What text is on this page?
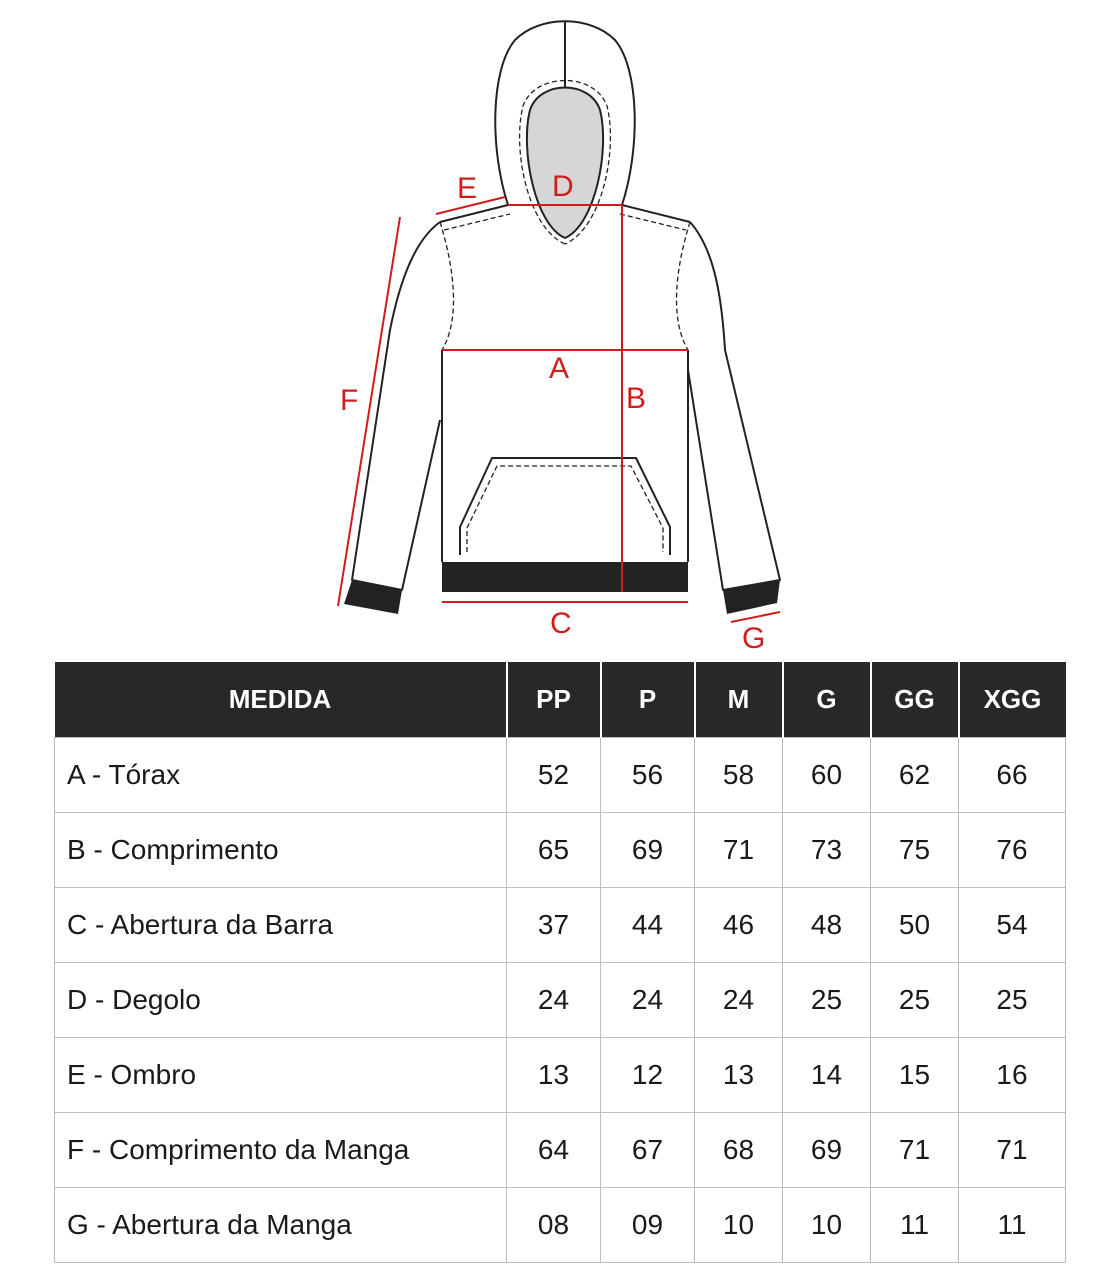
A
B
C
D
E
F
G
MEDIDA	PP	P	M	G	GG	XGG
A - Tórax	52	56	58	60	62	66
B - Comprimento	65	69	71	73	75	76
C - Abertura da Barra	37	44	46	48	50	54
D - Degolo	24	24	24	25	25	25
E - Ombro	13	12	13	14	15	16
F - Comprimento da Manga	64	67	68	69	71	71
G - Abertura da Manga	08	09	10	10	11	11
